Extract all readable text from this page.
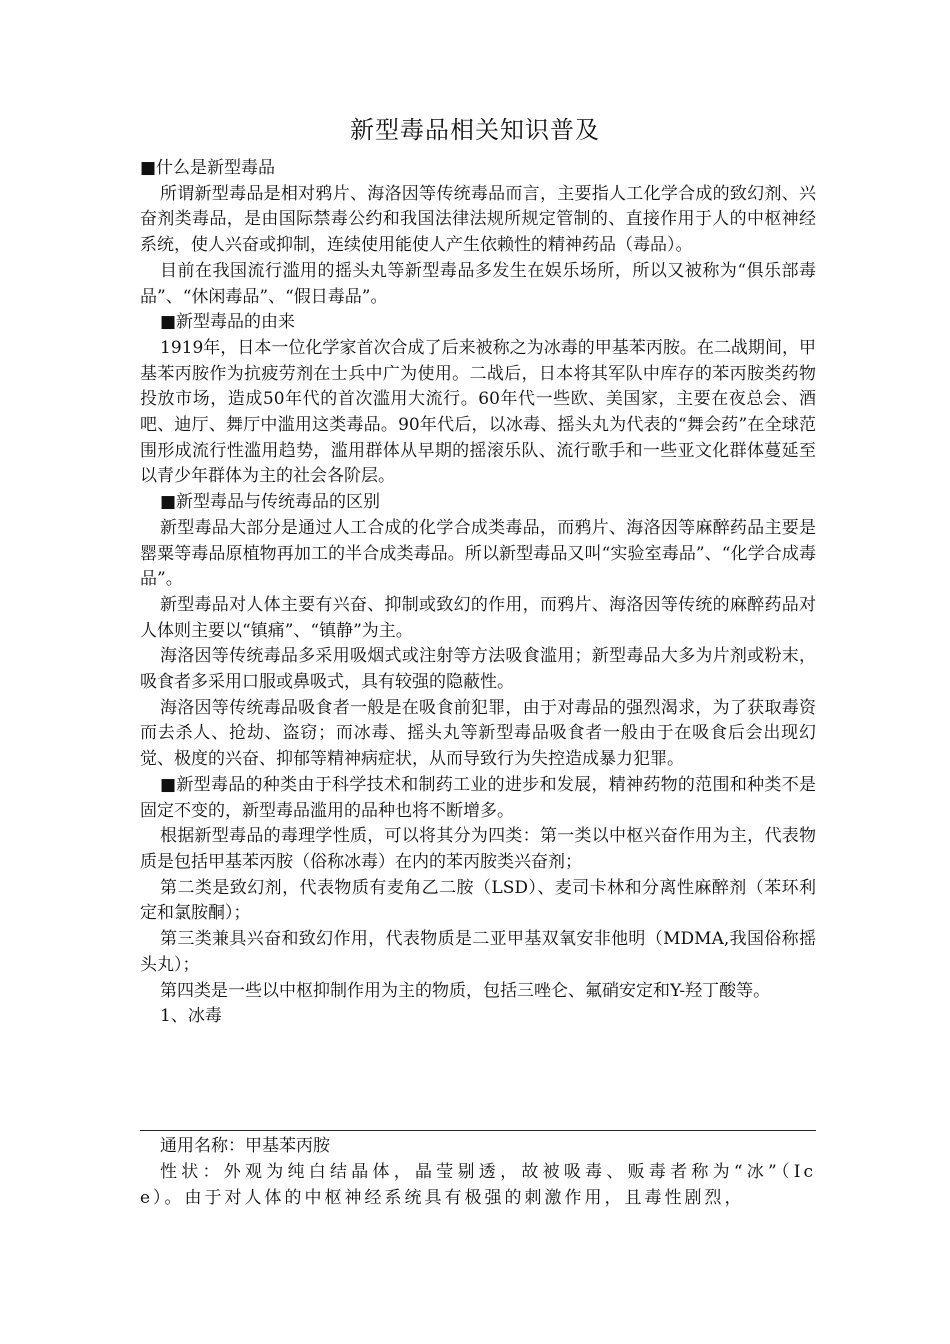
新型毒品相关知识普及

■什么是新型毒品

所谓新型毒品是相对鸦片、海洛因等传统毒品而言，主要指人工化学合成的致幻剂、兴奋剂类毒品，是由国际禁毒公约和我国法律法规所规定管制的、直接作用于人的中枢神经系统，使人兴奋或抑制，连续使用能使人产生依赖性的精神药品（毒品）。

目前在我国流行滥用的摇头丸等新型毒品多发生在娱乐场所，所以又被称为“俱乐部毒品”、“休闲毒品”、“假日毒品”。

■新型毒品的由来

1919年，日本一位化学家首次合成了后来被称之为冰毒的甲基苯丙胺。在二战期间，甲基苯丙胺作为抗疲劳剂在士兵中广为使用。二战后，日本将其军队中库存的苯丙胺类药物投放市场，造成50年代的首次滥用大流行。60年代一些欧、美国家，主要在夜总会、酒吧、迪厅、舞厅中滥用这类毒品。90年代后，以冰毒、摇头丸为代表的“舞会药”在全球范围形成流行性滥用趋势，滥用群体从早期的摇滚乐队、流行歌手和一些亚文化群体蔓延至以青少年群体为主的社会各阶层。

■新型毒品与传统毒品的区别

新型毒品大部分是通过人工合成的化学合成类毒品，而鸦片、海洛因等麻醉药品主要是罂粟等毒品原植物再加工的半合成类毒品。所以新型毒品又叫“实验室毒品”、“化学合成毒品”。

新型毒品对人体主要有兴奋、抑制或致幻的作用，而鸦片、海洛因等传统的麻醉药品对人体则主要以“镇痛”、“镇静”为主。

海洛因等传统毒品多采用吸烟式或注射等方法吸食滥用；新型毒品大多为片剂或粉末，吸食者多采用口服或鼻吸式，具有较强的隐蔽性。

海洛因等传统毒品吸食者一般是在吸食前犯罪，由于对毒品的强烈渴求，为了获取毒资而去杀人、抢劫、盗窃；而冰毒、摇头丸等新型毒品吸食者一般由于在吸食后会出现幻觉、极度的兴奋、抑郁等精神病症状，从而导致行为失控造成暴力犯罪。

■新型毒品的种类由于科学技术和制药工业的进步和发展，精神药物的范围和种类不是固定不变的，新型毒品滥用的品种也将不断增多。

根据新型毒品的毒理学性质，可以将其分为四类：第一类以中枢兴奋作用为主，代表物质是包括甲基苯丙胺（俗称冰毒）在内的苯丙胺类兴奋剂；

第二类是致幻剂，代表物质有麦角乙二胺（LSD）、麦司卡林和分离性麻醉剂（苯环利定和氯胺酮）；

第三类兼具兴奋和致幻作用，代表物质是二亚甲基双氧安非他明（MDMA,我国俗称摇头丸）；

第四类是一些以中枢抑制作用为主的物质，包括三唑仑、氟硝安定和Y-羟丁酸等。

1、冰毒

通用名称：甲基苯丙胺

性状：外观为纯白结晶体，晶莹剔透，故被吸毒、贩毒者称为“冰”（Ice）。由于对人体的中枢神经系统具有极强的刺激作用，且毒性剧烈，
